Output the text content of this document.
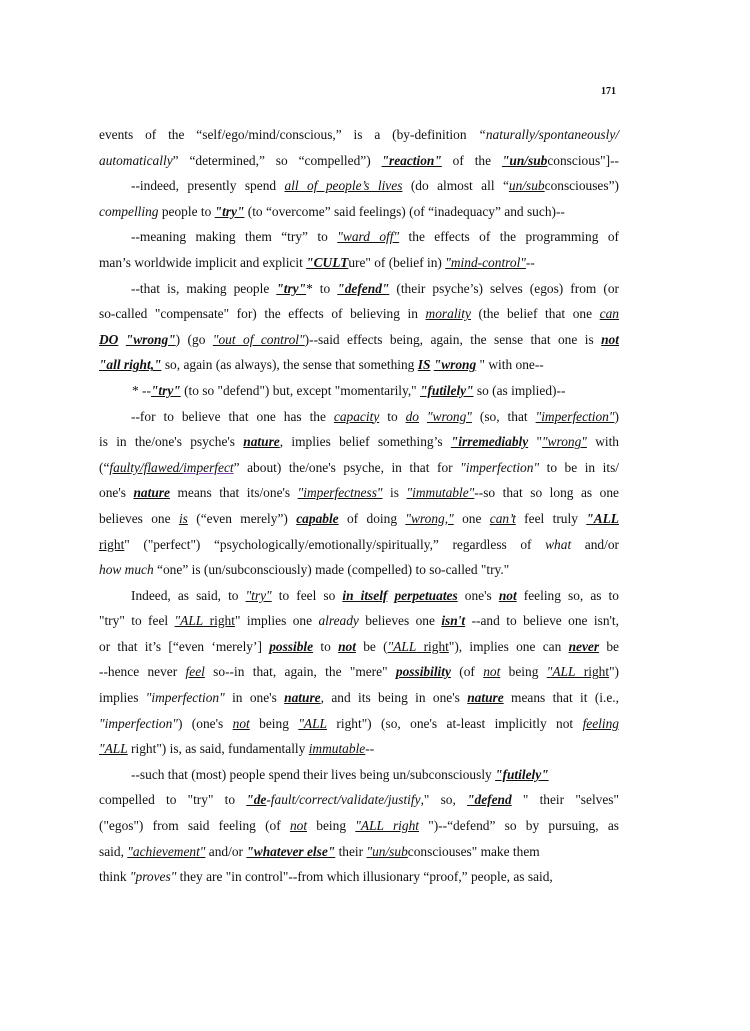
171
events of the “self/ego/mind/conscious,” is a (by-definition “naturally/spontaneously/
automatically” “determined,” so “compelled”) "reaction" of the "un/subconscious"]--
--indeed, presently spend all of people’s lives (do almost all “un/subconsciouses”)
compelling people to "try" (to “overcome” said feelings) (of “inadequacy” and such)--
--meaning making them “try” to "ward off" the effects of the programming of
man’s worldwide implicit and explicit "CULTure" of (belief in) "mind-control"--
--that is, making people "try"* to "defend" (their psyche’s) selves (egos) from (or
so-called "compensate" for) the effects of believing in morality (the belief that one can
DO "wrong") (go "out of control")--said effects being, again, the sense that one is not
"all right," so, again (as always), the sense that something IS "wrong " with one--
* --"try" (to so "defend") but, except "momentarily," "futilely" so (as implied)--
--for to believe that one has the capacity to do "wrong" (so, that "imperfection")
is in the/one's psyche's nature, implies belief something’s "irremediably ""wrong" with
(“faulty/flawed/imperfect” about) the/one's psyche, in that for "imperfection" to be in its/
one's nature means that its/one's "imperfectness" is "immutable"--so that so long as one
believes one is (“even merely”) capable of doing "wrong," one can’t feel truly "ALL
right" ("perfect") “psychologically/emotionally/spiritually,” regardless of what and/or
how much “one” is (un/subconsciously) made (compelled) to so-called "try."
Indeed, as said, to "try" to feel so in itself perpetuates one's not feeling so, as to
"try" to feel "ALL right" implies one already believes one isn't --and to believe one isn't,
or that it’s [“even ‘merely’] possible to not be ("ALL right"), implies one can never be
--hence never feel so--in that, again, the "mere" possibility (of not being "ALL right")
implies "imperfection" in one's nature, and its being in one's nature means that it (i.e.,
"imperfection") (one's not being "ALL right") (so, one's at-least implicitly not feeling
"ALL right") is, as said, fundamentally immutable--
--such that (most) people spend their lives being un/subconsciously "futilely"
compelled to "try" to "de-fault/correct/validate/justify," so, "defend " their "selves"
("egos") from said feeling (of not being "ALL right ")--“defend” so by pursuing, as
said, "achievement" and/or "whatever else" their "un/subconsciouses" make them
think "proves" they are "in control"--from which illusionary “proof,” people, as said,
